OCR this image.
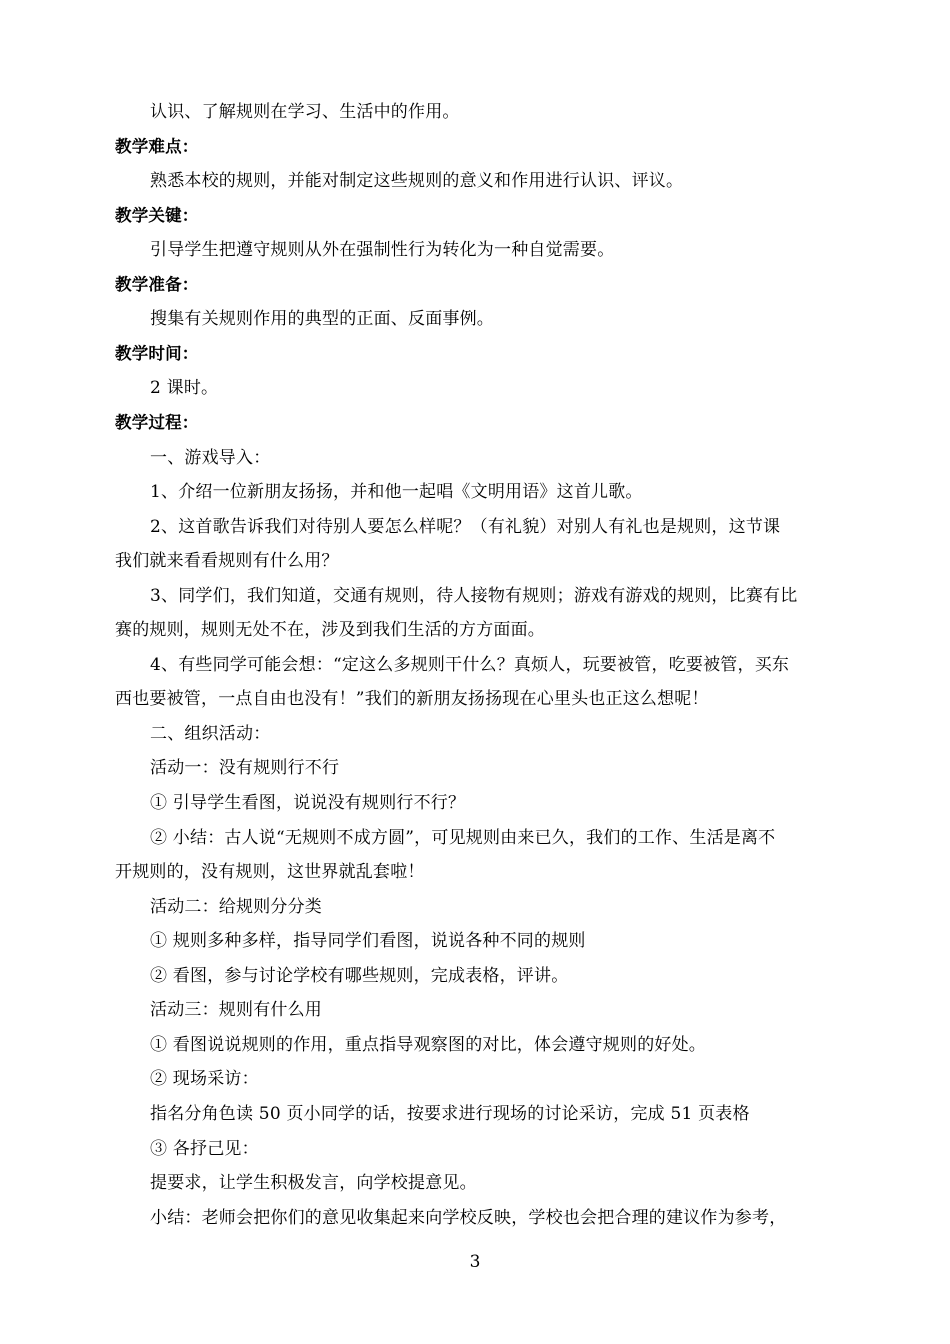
认识、了解规则在学习、生活中的作用。
教学难点：
熟悉本校的规则，并能对制定这些规则的意义和作用进行认识、评议。
教学关键：
引导学生把遵守规则从外在强制性行为转化为一种自觉需要。
教学准备：
搜集有关规则作用的典型的正面、反面事例。
教学时间：
2 课时。
教学过程：
一、游戏导入：
1、介绍一位新朋友扬扬，并和他一起唱《文明用语》这首儿歌。
2、这首歌告诉我们对待别人要怎么样呢？（有礼貌）对别人有礼也是规则，这节课
我们就来看看规则有什么用？
3、同学们，我们知道，交通有规则，待人接物有规则；游戏有游戏的规则，比赛有比
赛的规则，规则无处不在，涉及到我们生活的方方面面。
4、有些同学可能会想：“定这么多规则干什么？真烦人，玩要被管，吃要被管，买东
西也要被管，一点自由也没有！”我们的新朋友扬扬现在心里头也正这么想呢！
二、组织活动：
活动一：没有规则行不行
① 引导学生看图，说说没有规则行不行？
② 小结：古人说“无规则不成方圆”，可见规则由来已久，我们的工作、生活是离不
开规则的，没有规则，这世界就乱套啦！
活动二：给规则分分类
① 规则多种多样，指导同学们看图，说说各种不同的规则
② 看图，参与讨论学校有哪些规则，完成表格，评讲。
活动三：规则有什么用
① 看图说说规则的作用，重点指导观察图的对比，体会遵守规则的好处。
② 现场采访：
指名分角色读 50 页小同学的话，按要求进行现场的讨论采访，完成 51 页表格
③ 各抒己见：
提要求，让学生积极发言，向学校提意见。
小结：老师会把你们的意见收集起来向学校反映，学校也会把合理的建议作为参考，
3
